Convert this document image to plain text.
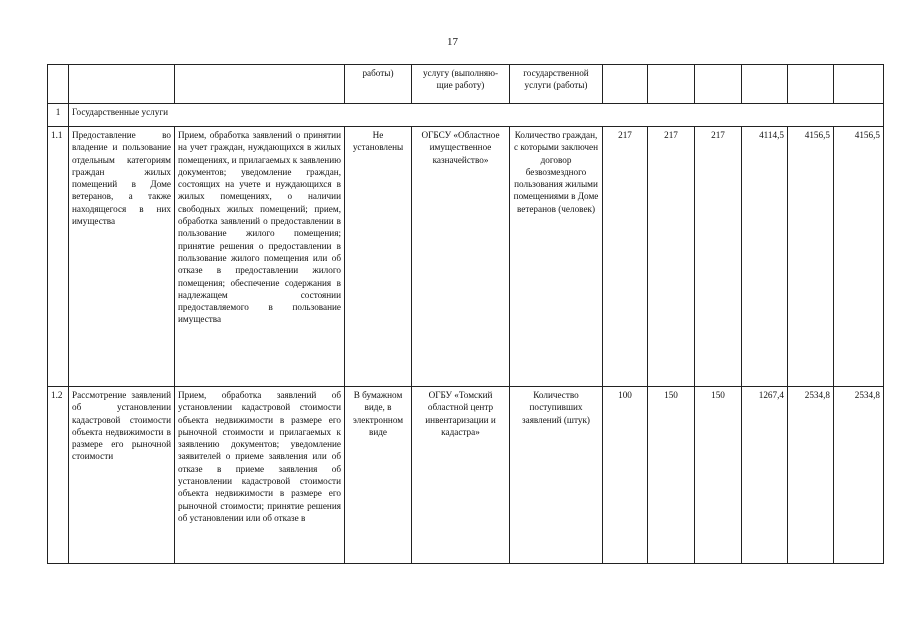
17
			работы)	услугу (выполняю-щие работу)	государственной услуги (работы)						
1	Государственные услуги										
1.1	Предоставление во владение и пользование отдельным категориям граждан жилых помещений в Доме ветеранов, а также находящегося в них имущества	Прием, обработка заявлений о принятии на учет граждан, нуждающихся в жилых помещениях, и прилагаемых к заявлению документов; уведомление граждан, состоящих на учете и нуждающихся в жилых помещениях, о наличии свободных жилых помещений; прием, обработка заявлений о предоставлении в пользование жилого помещения; принятие решения о предоставлении в пользование жилого помещения или об отказе в предоставлении жилого помещения; обеспечение содержания в надлежащем состоянии предоставляемого в пользование имущества	Не установлены	ОГБСУ «Областное имущественное казначейство»	Количество граждан, с которыми заключен договор безвозмездного пользования жилыми помещениями в Доме ветеранов (человек)	217	217	217	4114,5	4156,5	4156,5
1.2	Рассмотрение заявлений об установлении кадастровой стоимости объекта недвижимости в размере его рыночной стоимости	Прием, обработка заявлений об установлении кадастровой стоимости объекта недвижимости в размере его рыночной стоимости и прилагаемых к заявлению документов; уведомление заявителей о приеме заявления или об отказе в приеме заявления об установлении кадастровой стоимости объекта недвижимости в размере его рыночной стоимости; принятие решения об установлении или об отказе в	В бумажном виде, в электронном виде	ОГБУ «Томский областной центр инвентаризации и кадастра»	Количество поступивших заявлений (штук)	100	150	150	1267,4	2534,8	2534,8
